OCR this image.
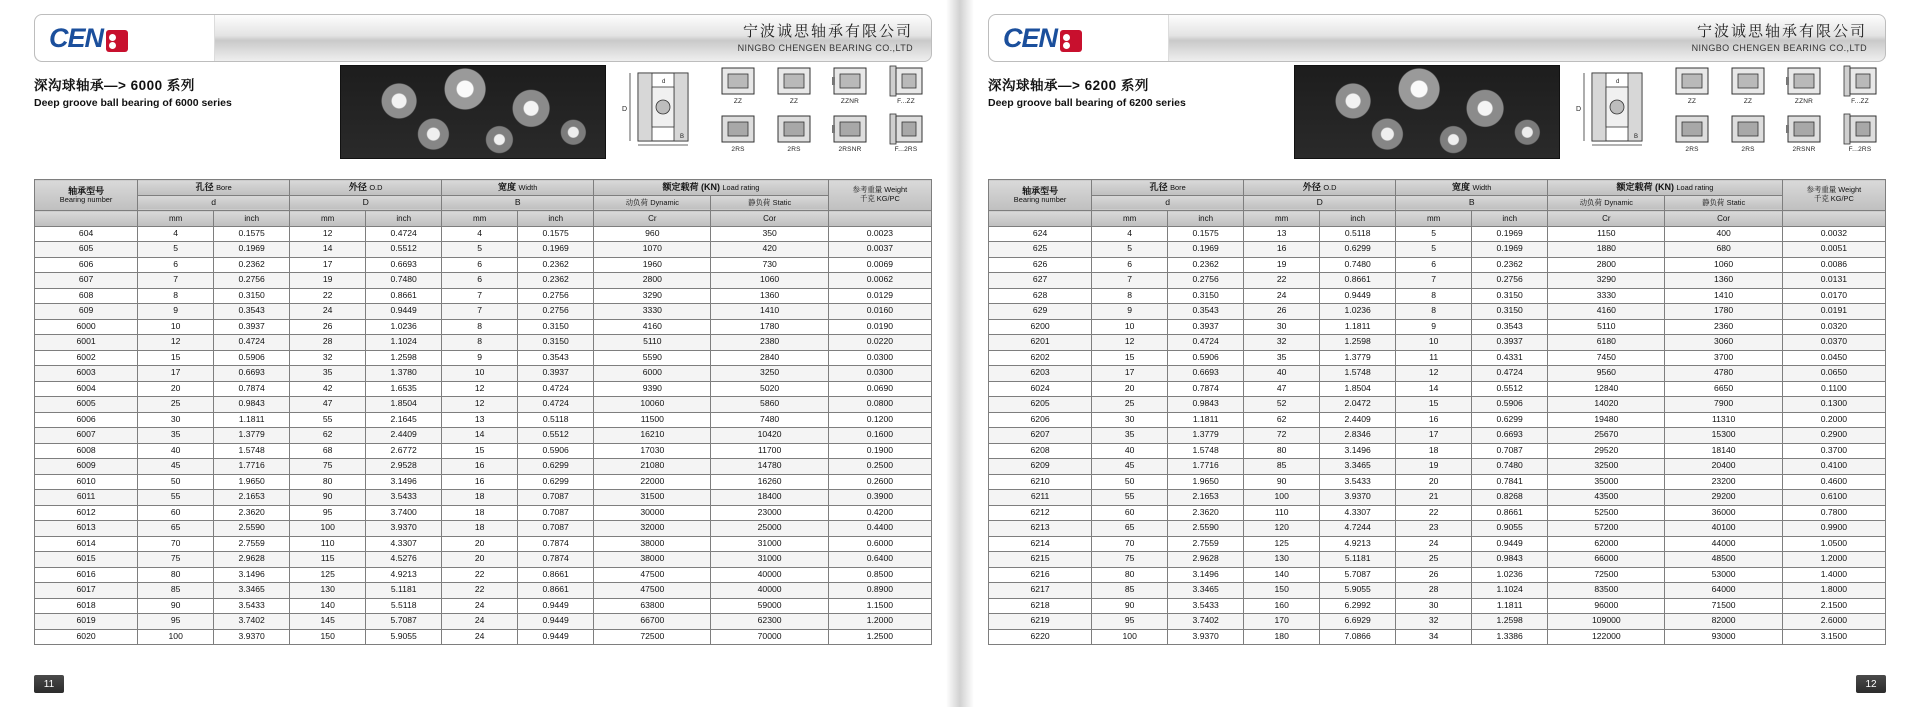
CEN	宁波诚思轴承有限公司
NINGBO CHENGEN BEARING CO.,LTD
深沟球轴承—> 6000 系列
Deep groove ball bearing of 6000 series
D
B
d
ZZ	ZZ	ZZNR	F...ZZ
2RS	2RS	2RSNR	F...2RS
轴承型号
Bearing number
	孔径 Bore	外径 O.D	宽度 Width	额定载荷 (KN) Load rating	参考重量 Weight
千克 KG/PC

	d		D		B		动负荷 Dynamic	静负荷 Static	
	mm	inch	mm	inch	mm	inch	Cr	Cor	
604	4	0.1575	12	0.4724	4	0.1575	960	350	0.0023
605	5	0.1969	14	0.5512	5	0.1969	1070	420	0.0037
606	6	0.2362	17	0.6693	6	0.2362	1960	730	0.0069
607	7	0.2756	19	0.7480	6	0.2362	2800	1060	0.0062
608	8	0.3150	22	0.8661	7	0.2756	3290	1360	0.0129
609	9	0.3543	24	0.9449	7	0.2756	3330	1410	0.0160
6000	10	0.3937	26	1.0236	8	0.3150	4160	1780	0.0190
6001	12	0.4724	28	1.1024	8	0.3150	5110	2380	0.0220
6002	15	0.5906	32	1.2598	9	0.3543	5590	2840	0.0300
6003	17	0.6693	35	1.3780	10	0.3937	6000	3250	0.0300
6004	20	0.7874	42	1.6535	12	0.4724	9390	5020	0.0690
6005	25	0.9843	47	1.8504	12	0.4724	10060	5860	0.0800
6006	30	1.1811	55	2.1645	13	0.5118	11500	7480	0.1200
6007	35	1.3779	62	2.4409	14	0.5512	16210	10420	0.1600
6008	40	1.5748	68	2.6772	15	0.5906	17030	11700	0.1900
6009	45	1.7716	75	2.9528	16	0.6299	21080	14780	0.2500
6010	50	1.9650	80	3.1496	16	0.6299	22000	16260	0.2600
6011	55	2.1653	90	3.5433	18	0.7087	31500	18400	0.3900
6012	60	2.3620	95	3.7400	18	0.7087	30000	23000	0.4200
6013	65	2.5590	100	3.9370	18	0.7087	32000	25000	0.4400
6014	70	2.7559	110	4.3307	20	0.7874	38000	31000	0.6000
6015	75	2.9628	115	4.5276	20	0.7874	38000	31000	0.6400
6016	80	3.1496	125	4.9213	22	0.8661	47500	40000	0.8500
6017	85	3.3465	130	5.1181	22	0.8661	47500	40000	0.8900
6018	90	3.5433	140	5.5118	24	0.9449	63800	59000	1.1500
6019	95	3.7402	145	5.7087	24	0.9449	66700	62300	1.2000
6020	100	3.9370	150	5.9055	24	0.9449	72500	70000	1.2500
11
CEN	宁波诚思轴承有限公司
NINGBO CHENGEN BEARING CO.,LTD
深沟球轴承—> 6200 系列
Deep groove ball bearing of 6200 series
D
B
d
ZZ	ZZ	ZZNR	F...ZZ
2RS	2RS	2RSNR	F...2RS
轴承型号
Bearing number
	孔径 Bore	外径 O.D	宽度 Width	额定载荷 (KN) Load rating	参考重量 Weight
千克 KG/PC

	d		D		B		动负荷 Dynamic	静负荷 Static	
	mm	inch	mm	inch	mm	inch	Cr	Cor	
624	4	0.1575	13	0.5118	5	0.1969	1150	400	0.0032
625	5	0.1969	16	0.6299	5	0.1969	1880	680	0.0051
626	6	0.2362	19	0.7480	6	0.2362	2800	1060	0.0086
627	7	0.2756	22	0.8661	7	0.2756	3290	1360	0.0131
628	8	0.3150	24	0.9449	8	0.3150	3330	1410	0.0170
629	9	0.3543	26	1.0236	8	0.3150	4160	1780	0.0191
6200	10	0.3937	30	1.1811	9	0.3543	5110	2360	0.0320
6201	12	0.4724	32	1.2598	10	0.3937	6180	3060	0.0370
6202	15	0.5906	35	1.3779	11	0.4331	7450	3700	0.0450
6203	17	0.6693	40	1.5748	12	0.4724	9560	4780	0.0650
6024	20	0.7874	47	1.8504	14	0.5512	12840	6650	0.1100
6205	25	0.9843	52	2.0472	15	0.5906	14020	7900	0.1300
6206	30	1.1811	62	2.4409	16	0.6299	19480	11310	0.2000
6207	35	1.3779	72	2.8346	17	0.6693	25670	15300	0.2900
6208	40	1.5748	80	3.1496	18	0.7087	29520	18140	0.3700
6209	45	1.7716	85	3.3465	19	0.7480	32500	20400	0.4100
6210	50	1.9650	90	3.5433	20	0.7841	35000	23200	0.4600
6211	55	2.1653	100	3.9370	21	0.8268	43500	29200	0.6100
6212	60	2.3620	110	4.3307	22	0.8661	52500	36000	0.7800
6213	65	2.5590	120	4.7244	23	0.9055	57200	40100	0.9900
6214	70	2.7559	125	4.9213	24	0.9449	62000	44000	1.0500
6215	75	2.9628	130	5.1181	25	0.9843	66000	48500	1.2000
6216	80	3.1496	140	5.7087	26	1.0236	72500	53000	1.4000
6217	85	3.3465	150	5.9055	28	1.1024	83500	64000	1.8000
6218	90	3.5433	160	6.2992	30	1.1811	96000	71500	2.1500
6219	95	3.7402	170	6.6929	32	1.2598	109000	82000	2.6000
6220	100	3.9370	180	7.0866	34	1.3386	122000	93000	3.1500
12
